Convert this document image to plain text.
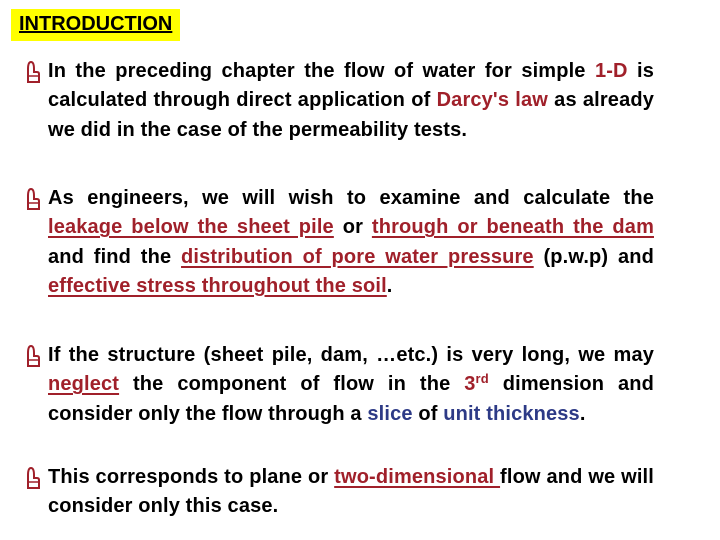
INTRODUCTION
In the preceding chapter the flow of water for simple 1-D is calculated through direct application of Darcy's law as already we did in the case of the permeability tests.
As engineers, we will wish to examine and calculate the leakage below the sheet pile or through or beneath the dam and find the distribution of pore water pressure (p.w.p) and effective stress throughout the soil.
If the structure (sheet pile, dam, …etc.) is very long, we may neglect the component of flow in the 3rd dimension and consider only the flow through a slice of unit thickness.
This corresponds to plane or two-dimensional flow and we will consider only this case.
